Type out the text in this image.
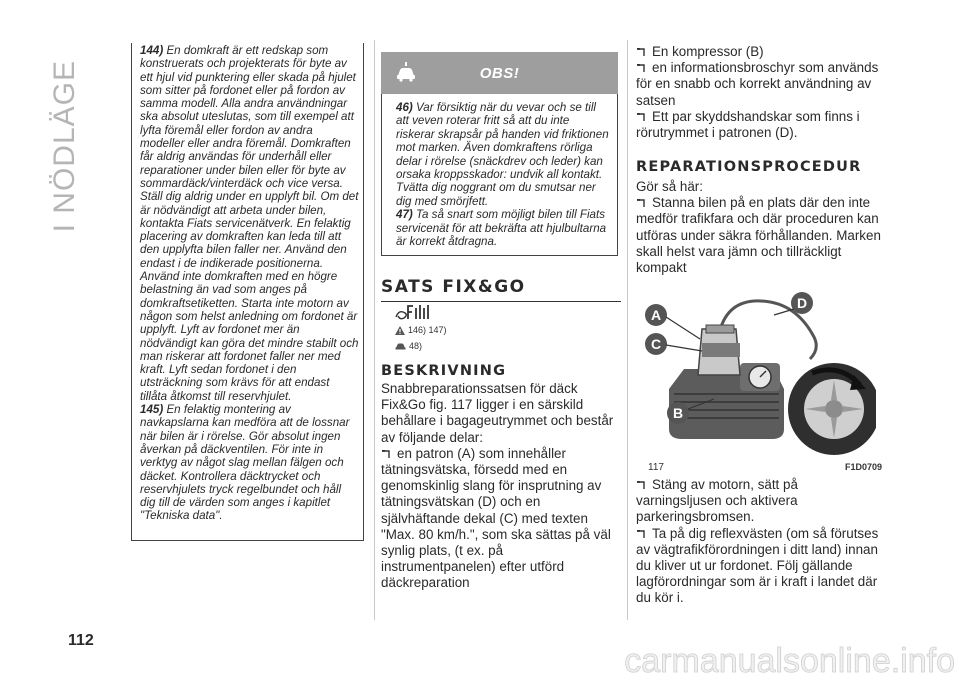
I NÖDLÄGE

144) En domkraft är ett redskap som konstruerats och projekterats för byte av ett hjul vid punktering eller skada på hjulet som sitter på fordonet eller på fordon av samma modell. Alla andra användningar ska absolut uteslutas, som till exempel att lyfta föremål eller fordon av andra modeller eller andra föremål. Domkraften får aldrig användas för underhåll eller reparationer under bilen eller för byte av sommardäck/vinterdäck och vice versa. Ställ dig aldrig under en upplyft bil. Om det är nödvändigt att arbeta under bilen, kontakta Fiats servicenätverk. En felaktig placering av domkraften kan leda till att den upplyfta bilen faller ner. Använd den endast i de indikerade positionerna. Använd inte domkraften med en högre belastning än vad som anges på domkraftsetiketten. Starta inte motorn av någon som helst anledning om fordonet är upplyft. Lyft av fordonet mer än nödvändigt kan göra det mindre stabilt och man riskerar att fordonet faller ner med kraft. Lyft sedan fordonet i den utsträckning som krävs för att endast tillåta åtkomst till reservhjulet.

145) En felaktig montering av navkapslarna kan medföra att de lossnar när bilen är i rörelse. Gör absolut ingen åverkan på däckventilen. För inte in verktyg av något slag mellan fälgen och däcket. Kontrollera däcktrycket och reservhjulets tryck regelbundet och håll dig till de värden som anges i kapitlet "Tekniska data".

112
OBS!

46) Var försiktig när du vevar och se till att veven roterar fritt så att du inte riskerar skrapsår på handen vid friktionen mot marken. Även domkraftens rörliga delar i rörelse (snäckdrev och leder) kan orsaka kroppsskador: undvik all kontakt. Tvätta dig noggrant om du smutsar ner dig med smörjfett.

47) Ta så snart som möjligt bilen till Fiats servicenät för att bekräfta att hjulbultarna är korrekt åtdragna.

SATS FIX&GO
146) 147)
48)
BESKRIVNING

Snabbreparationssatsen för däck Fix&Go fig. 117 ligger i en särskild behållare i bagageutrymmet och består av följande delar:

en patron (A) som innehåller tätningsvätska, försedd med en genomskinlig slang för insprutning av tätningsvätskan (D) och en självhäftande dekal (C) med texten "Max. 80 km/h.", som ska sättas på väl synlig plats, (t ex. på instrumentpanelen) efter utförd däckreparation

En kompressor (B)

en informationsbroschyr som används för en snabb och korrekt användning av satsen

Ett par skyddshandskar som finns i rörutrymmet i patronen (D).

REPARATIONSPROCEDUR

Gör så här:

Stanna bilen på en plats där den inte medför trafikfara och där proceduren kan utföras under säkra förhållanden. Marken skall helst vara jämn och tillräckligt kompakt

A
C
D
B
117	F1D0709

Stäng av motorn, sätt på varningsljusen och aktivera parkeringsbromsen.

Ta på dig reflexvästen (om så förutses av vägtrafikförordningen i ditt land) innan du kliver ut ur fordonet. Följ gällande lagförordningar som är i kraft i landet där du kör i.

carmanualsonline.info
